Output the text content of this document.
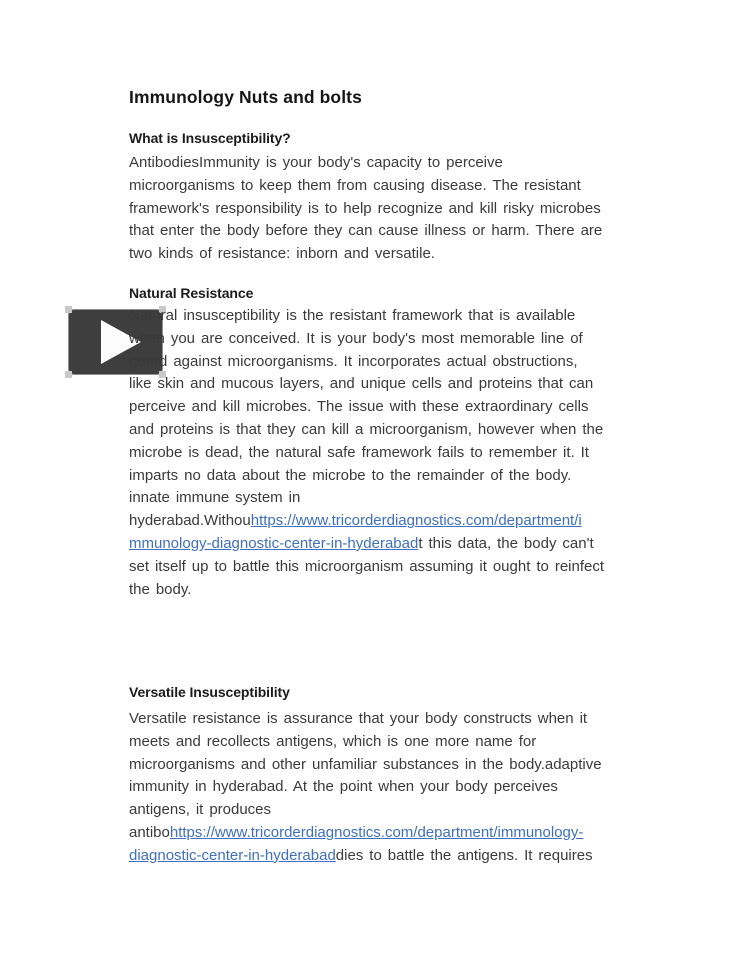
Immunology Nuts and bolts
What is Insusceptibility?
AntibodiesImmunity is your body's capacity to perceive
microorganisms to keep them from causing disease. The resistant
framework's responsibility is to help recognize and kill risky microbes
that enter the body before they can cause illness or harm. There are
two kinds of resistance: inborn and versatile.
Natural Resistance
Natural insusceptibility is the resistant framework that is available
when you are conceived. It is your body's most memorable line of
guard against microorganisms. It incorporates actual obstructions,
like skin and mucous layers, and unique cells and proteins that can
perceive and kill microbes. The issue with these extraordinary cells
and proteins is that they can kill a microorganism, however when the
microbe is dead, the natural safe framework fails to remember it. It
imparts no data about the microbe to the remainder of the body.
innate immune system in
hyderabad.Withouhttps://www.tricorderdiagnostics.com/department/i
mmunology-diagnostic-center-in-hyderabadt this data, the body can't
set itself up to battle this microorganism assuming it ought to reinfect
the body.
Versatile Insusceptibility
Versatile resistance is assurance that your body constructs when it
meets and recollects antigens, which is one more name for
microorganisms and other unfamiliar substances in the body.adaptive
immunity in hyderabad. At the point when your body perceives
antigens, it produces
antibohttps://www.tricorderdiagnostics.com/department/immunology-
diagnostic-center-in-hyderabaddies to battle the antigens. It requires
